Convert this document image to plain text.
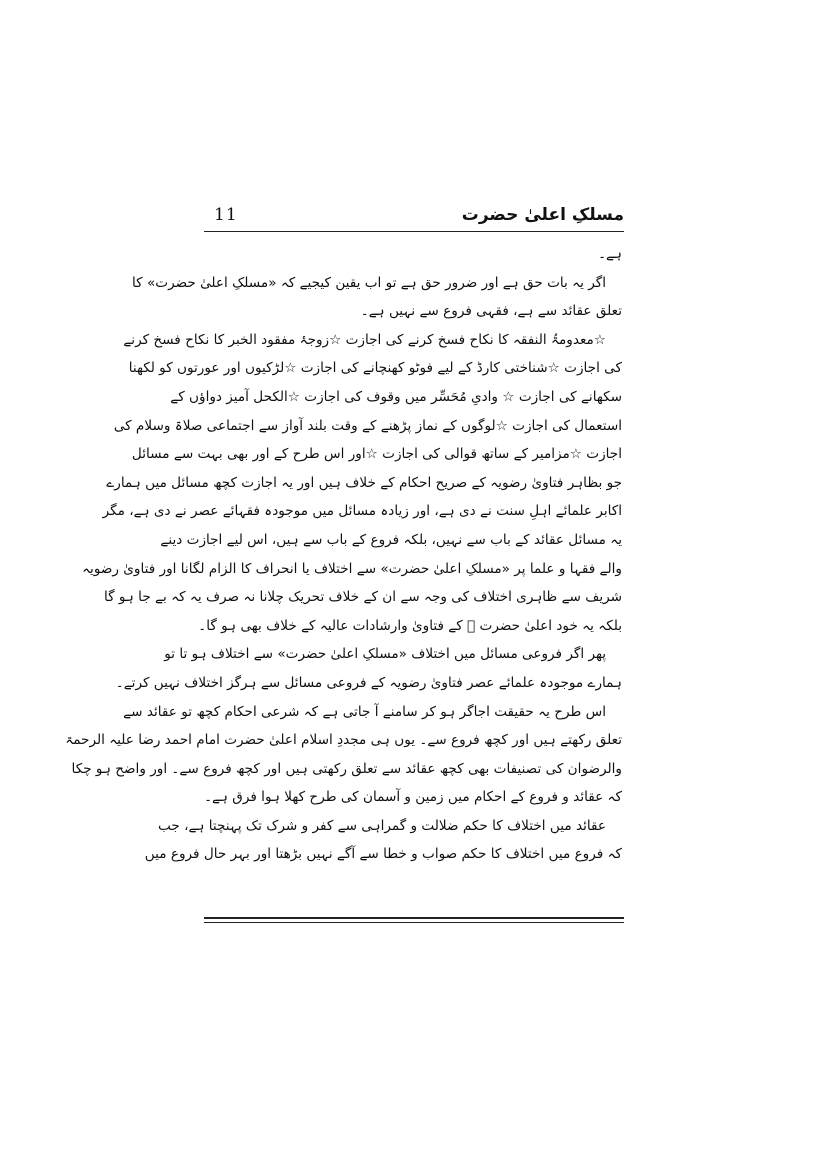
مسلکِ اعلیٰ حضرت
11
ہے۔
اگر یہ بات حق ہے اور ضرور حق ہے تو اب یقین کیجیے کہ «مسلکِ اعلیٰ حضرت» کا
تعلق عقائد سے ہے، فقہی فروع سے نہیں ہے۔
☆معدومۃُ النفقہ کا نکاح فسخ کرنے کی اجازت ☆زوجۂ مفقود الخبر کا نکاح فسخ کرنے
کی اجازت ☆شناختی کارڈ کے لیے فوٹو کھنچانے کی اجازت ☆لڑکیوں اور عورتوں کو لکھنا
سکھانے کی اجازت ☆ وادیِ مُحَسِّر میں وقوف کی اجازت ☆الکحل آمیز دواؤں کے
استعمال کی اجازت ☆لوگوں کے نماز پڑھنے کے وقت بلند آواز سے اجتماعی صلاۃ وسلام کی
اجازت ☆مزامیر کے ساتھ قوالی کی اجازت ☆اور اس طرح کے اور بھی بہت سے مسائل
جو بظاہر فتاویٰ رضویہ کے صریح احکام کے خلاف ہیں اور یہ اجازت کچھ مسائل میں ہمارے
اکابر علمائے اہلِ سنت نے دی ہے، اور زیادہ مسائل میں موجودہ فقہائے عصر نے دی ہے، مگر
یہ مسائل عقائد کے باب سے نہیں، بلکہ فروع کے باب سے ہیں، اس لیے اجازت دینے
والے فقہا و علما پر «مسلکِ اعلیٰ حضرت» سے اختلاف یا انحراف کا الزام لگانا اور فتاویٰ رضویہ
شریف سے ظاہری اختلاف کی وجہ سے ان کے خلاف تحریک چلانا نہ صرف یہ کہ بے جا ہو گا
بلکہ یہ خود اعلیٰ حضرت ﷫ کے فتاویٰ وارشادات عالیہ کے خلاف بھی ہو گا۔
پھر اگر فروعی مسائل میں اختلاف «مسلکِ اعلیٰ حضرت» سے اختلاف ہو تا تو
ہمارے موجودہ علمائے عصر فتاویٰ رضویہ کے فروعی مسائل سے ہرگز اختلاف نہیں کرتے۔
اس طرح یہ حقیقت اجاگر ہو کر سامنے آ جاتی ہے کہ شرعی احکام کچھ تو عقائد سے
تعلق رکھتے ہیں اور کچھ فروع سے۔ یوں ہی مجددِ اسلام اعلیٰ حضرت امام احمد رضا علیہ الرحمۃ
والرضوان کی تصنیفات بھی کچھ عقائد سے تعلق رکھتی ہیں اور کچھ فروع سے۔ اور واضح ہو چکا
کہ عقائد و فروع کے احکام میں زمین و آسمان کی طرح کھلا ہوا فرق ہے۔
عقائد میں اختلاف کا حکم ضلالت و گمراہی سے کفر و شرک تک پہنچتا ہے، جب
کہ فروع میں اختلاف کا حکم صواب و خطا سے آگے نہیں بڑھتا اور بہر حال فروع میں
